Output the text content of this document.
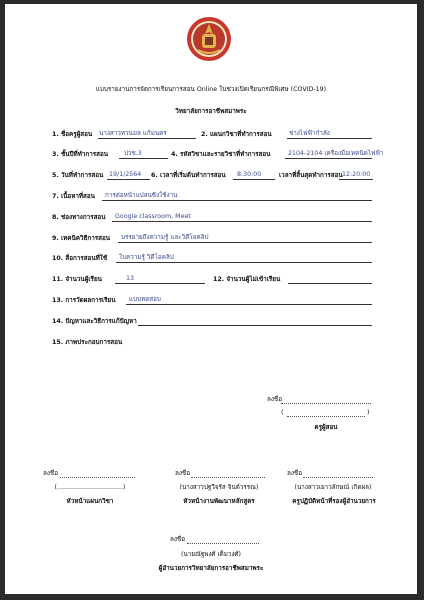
แบบรายงานการจัดการเรียนการสอน Online ในช่วงเปิดเรียนกรณีพิเศษ (COVID-19)
วิทยาลัยการอาชีพสมาพระ
1. ชื่อครูผู้สอน นางสาวทวนมล แก้มนคร	2. แผนกวิชาที่ทำการสอน	ช่างไฟฟ้ากำลัง
3. ชั้นปีที่ทำการสอน	ปวช.3	4. รหัสวิชาและรายวิชาที่ทำการสอน	2104-2104 เครื่องมือเทคนิคไฟฟ้า
5. วันที่ทำการสอน 19/1/2564 6. เวลาที่เริ่มต้นทำการสอน 8:30:00	เวลาที่สิ้นสุดทำการสอน 12:20:00
7. เนื้อหาที่สอน การต่อหน้าแปลนซิงใช้งาน
8. ช่องทางการสอน Google classroom, Meet
9. เทคนิควิธีการสอน บรรยายถึงความรู้ และวิดีโอคลิป
10. สื่อการสอนที่ใช้ ใบความรู้ วิดีโอคลิป
11. จำนวนผู้เรียน	13	12. จำนวนผู้ไม่เข้าเรียน
13. การวัดผลการเรียน แบบทดสอบ
14. ปัญหาและวิธีการแก้ปัญหา
15. ภาพประกอบการสอน
ลงชื่อ
(	)
ครูผู้สอน
ลงชื่อ
(.................................)
หัวหน้าแผนกวิชา
ลงชื่อ
(นางสาวปฐวีจรัส จินต์วรรณ)
หัวหน้างานพัฒนาหลักสูตร
ลงชื่อ
(นางสาวเยาวลักษณ์ เกิดผล)
ครูปฏิบัติหน้าที่รองผู้อำนวยการ
ลงชื่อ
(นายณัฐพงศ์ เต็มวงศ์)
ผู้อำนวยการวิทยาลัยการอาชีพสมาพระ
